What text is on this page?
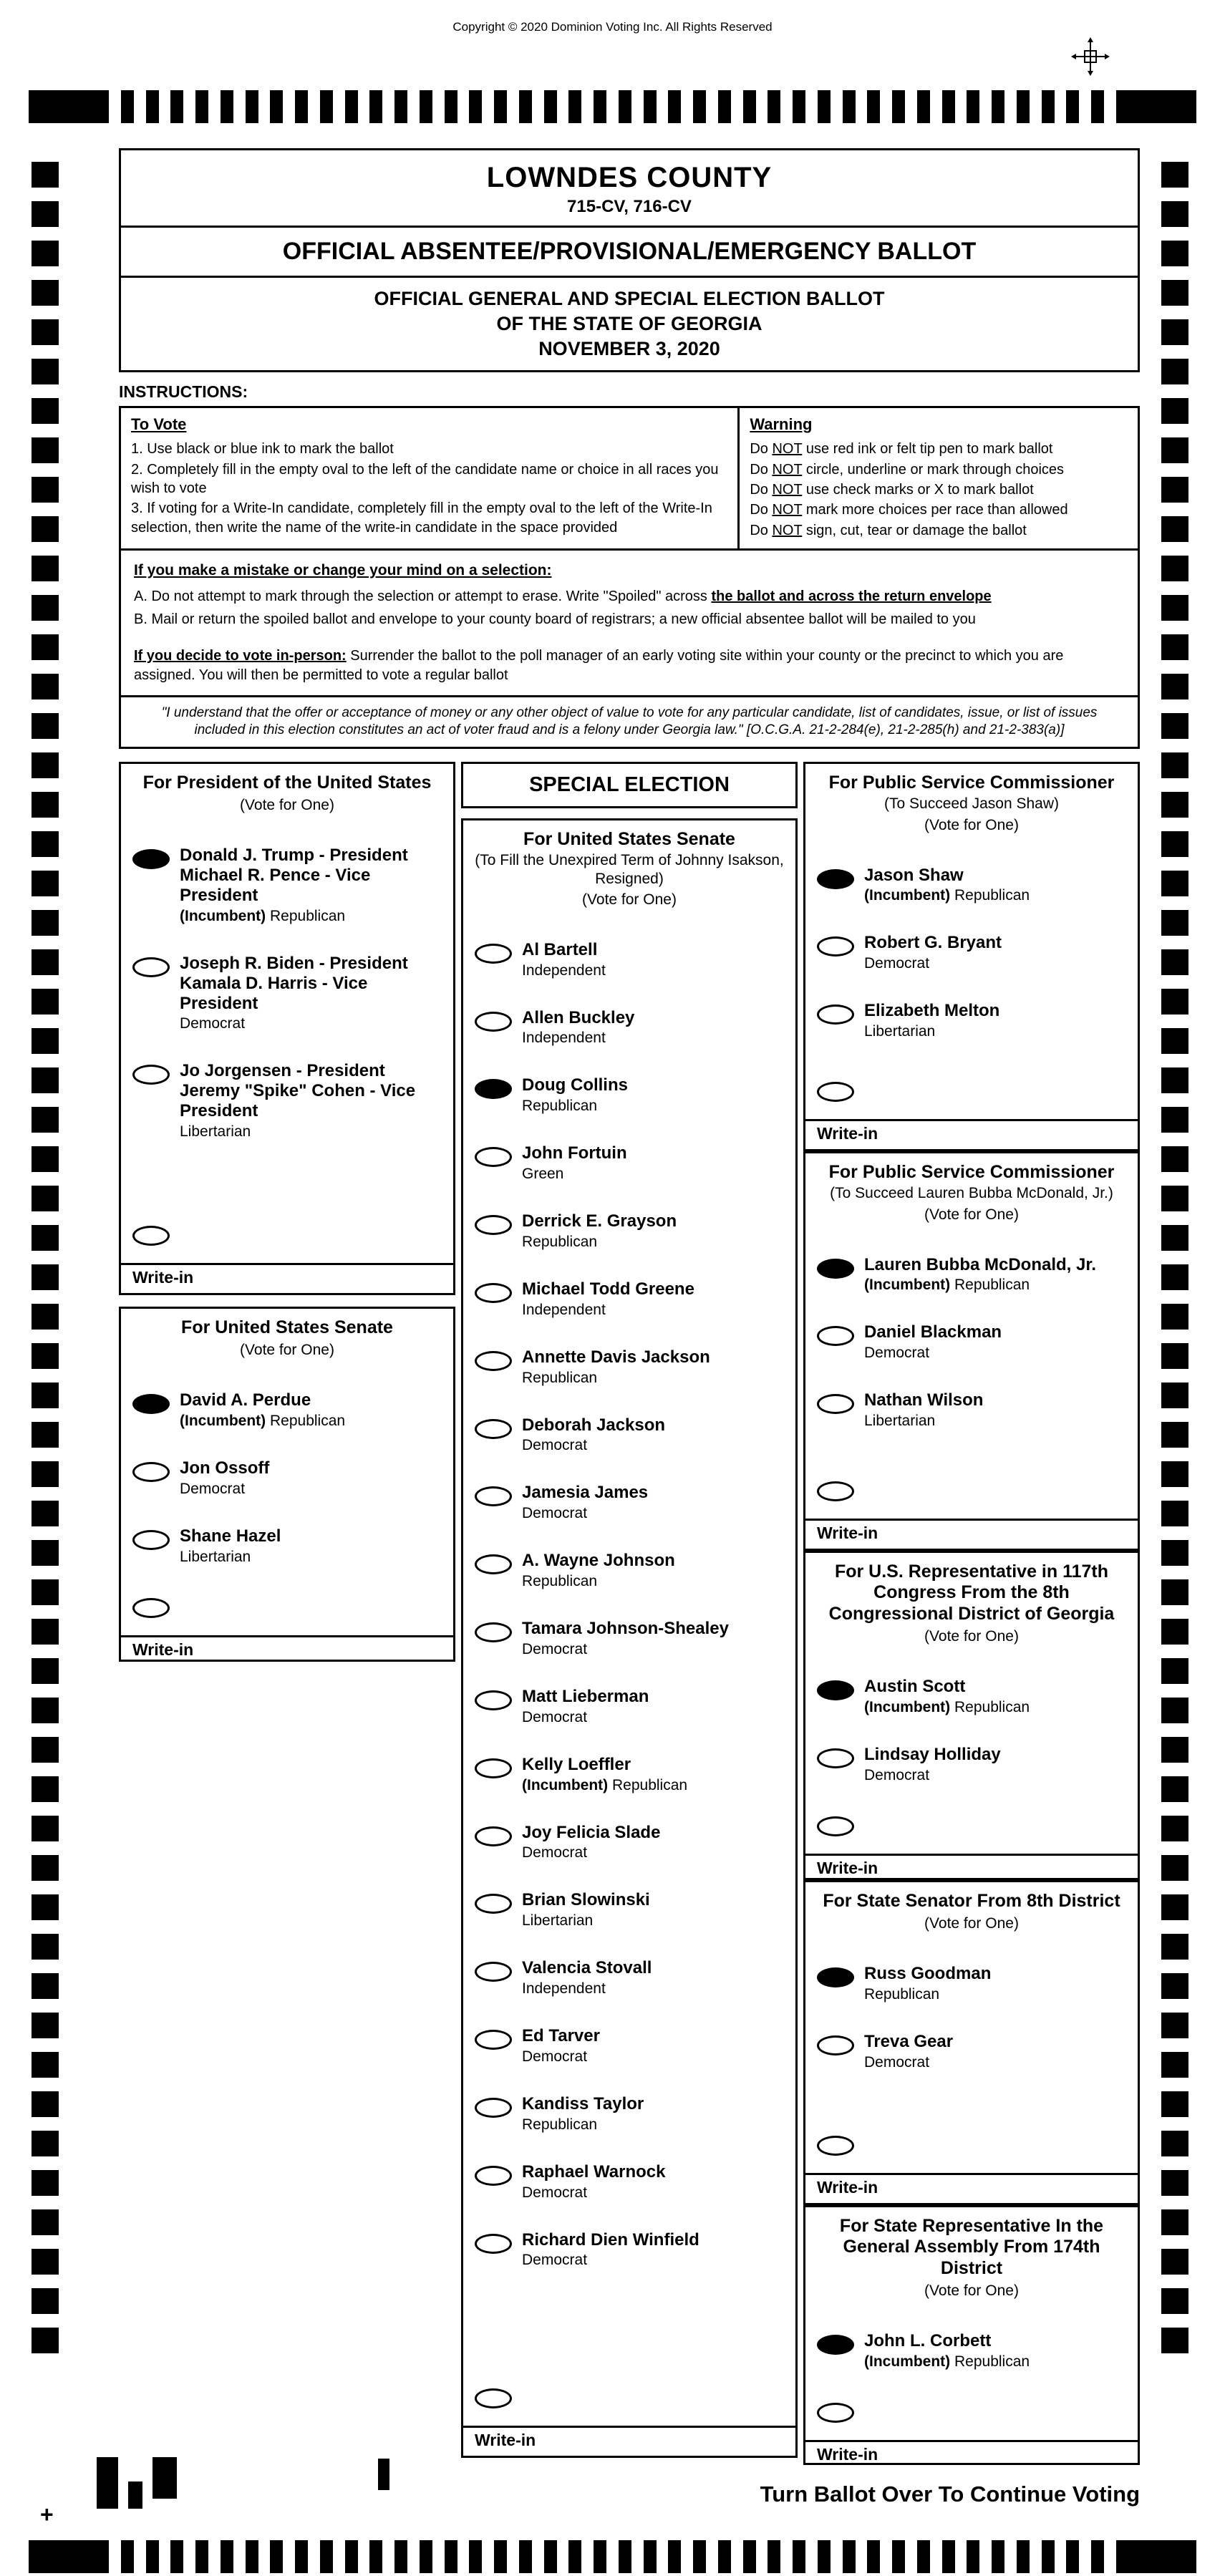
Copyright © 2020 Dominion Voting Inc. All Rights Reserved
LOWNDES COUNTY
715-CV, 716-CV
OFFICIAL ABSENTEE/PROVISIONAL/EMERGENCY BALLOT
OFFICIAL GENERAL AND SPECIAL ELECTION BALLOT
OF THE STATE OF GEORGIA
NOVEMBER 3, 2020
INSTRUCTIONS:
To Vote
1. Use black or blue ink to mark the ballot
2. Completely fill in the empty oval to the left of the candidate name or choice in all races you wish to vote
3. If voting for a Write-In candidate, completely fill in the empty oval to the left of the Write-In selection, then write the name of the write-in candidate in the space provided
Warning
Do NOT use red ink or felt tip pen to mark ballot
Do NOT circle, underline or mark through choices
Do NOT use check marks or X to mark ballot
Do NOT mark more choices per race than allowed
Do NOT sign, cut, tear or damage the ballot
If you make a mistake or change your mind on a selection:
A. Do not attempt to mark through the selection or attempt to erase. Write "Spoiled" across the ballot and across the return envelope
B. Mail or return the spoiled ballot and envelope to your county board of registrars; a new official absentee ballot will be mailed to you
If you decide to vote in-person: Surrender the ballot to the poll manager of an early voting site within your county or the precinct to which you are assigned. You will then be permitted to vote a regular ballot
"I understand that the offer or acceptance of money or any other object of value to vote for any particular candidate, list of candidates, issue, or list of issues included in this election constitutes an act of voter fraud and is a felony under Georgia law." [O.C.G.A. 21-2-284(e), 21-2-285(h) and 21-2-383(a)]
For President of the United States
(Vote for One)
Donald J. Trump - President
Michael R. Pence - Vice President
(Incumbent) Republican
Joseph R. Biden - President
Kamala D. Harris - Vice President
Democrat
Jo Jorgensen - President
Jeremy "Spike" Cohen - Vice President
Libertarian
Write-in
For United States Senate
(Vote for One)
David A. Perdue
(Incumbent) Republican
Jon Ossoff
Democrat
Shane Hazel
Libertarian
Write-in
SPECIAL ELECTION
For United States Senate
(To Fill the Unexpired Term of Johnny Isakson, Resigned)
(Vote for One)
Al Bartell
Independent
Allen Buckley
Independent
Doug Collins
Republican
John Fortuin
Green
Derrick E. Grayson
Republican
Michael Todd Greene
Independent
Annette Davis Jackson
Republican
Deborah Jackson
Democrat
Jamesia James
Democrat
A. Wayne Johnson
Republican
Tamara Johnson-Shealey
Democrat
Matt Lieberman
Democrat
Kelly Loeffler
(Incumbent) Republican
Joy Felicia Slade
Democrat
Brian Slowinski
Libertarian
Valencia Stovall
Independent
Ed Tarver
Democrat
Kandiss Taylor
Republican
Raphael Warnock
Democrat
Richard Dien Winfield
Democrat
Write-in
For Public Service Commissioner
(To Succeed Jason Shaw)
(Vote for One)
Jason Shaw
(Incumbent) Republican
Robert G. Bryant
Democrat
Elizabeth Melton
Libertarian
Write-in
For Public Service Commissioner
(To Succeed Lauren Bubba McDonald, Jr.)
(Vote for One)
Lauren Bubba McDonald, Jr.
(Incumbent) Republican
Daniel Blackman
Democrat
Nathan Wilson
Libertarian
Write-in
For U.S. Representative in 117th Congress From the 8th Congressional District of Georgia
(Vote for One)
Austin Scott
(Incumbent) Republican
Lindsay Holliday
Democrat
Write-in
For State Senator From 8th District
(Vote for One)
Russ Goodman
Republican
Treva Gear
Democrat
Write-in
For State Representative In the General Assembly From 174th District
(Vote for One)
John L. Corbett
(Incumbent) Republican
Write-in
+
Turn Ballot Over To Continue Voting
